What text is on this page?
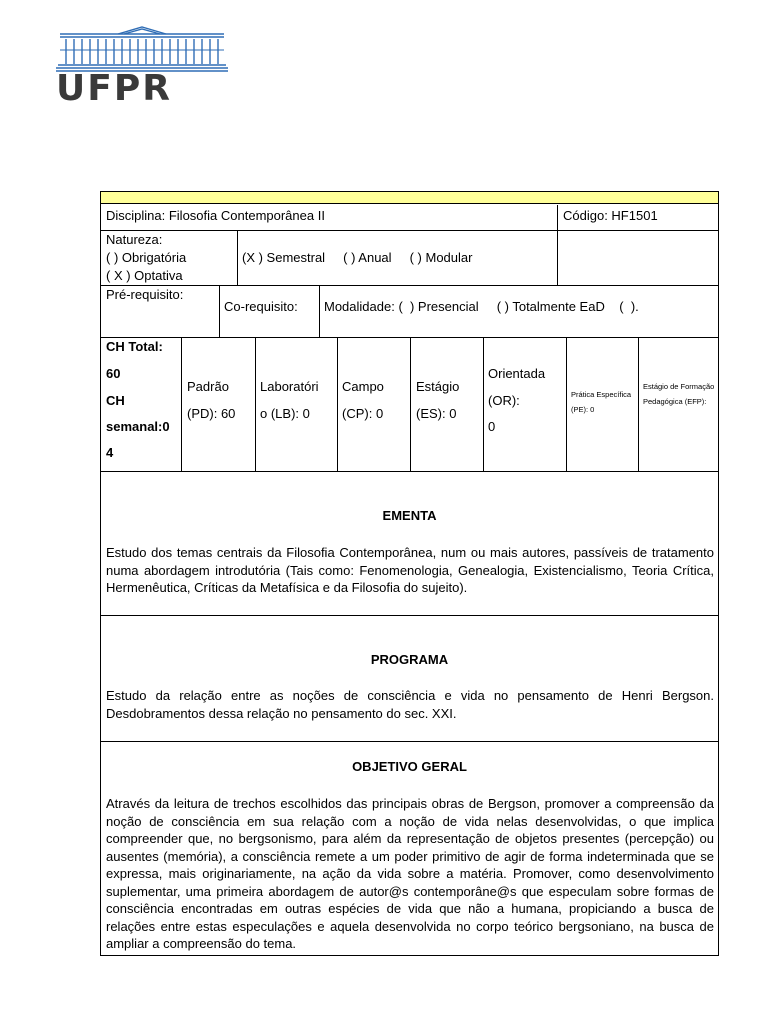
UFPR
Disciplina: Filosofia Contemporânea II	Código: HF1501
Natureza:
( ) Obrigatória
( X ) Optativa
(X ) Semestral     ( ) Anual     ( ) Modular
Pré-requisito:
Co-requisito: Modalidade: (  ) Presencial     ( ) Totalmente EaD    (  ).
CH Total:
60
CH
semanal:0
4
Padrão
(PD): 60
Laboratóri
o (LB): 0
Campo
(CP): 0
Estágio
(ES): 0
Orientada
(OR):
0
Prática Específica (PE): 0
Estágio de Formação Pedagógica (EFP):
EMENTA
Estudo dos temas centrais da Filosofia Contemporânea, num ou mais autores, passíveis de tratamento numa abordagem introdutória (Tais como: Fenomenologia, Genealogia, Existencialismo, Teoria Crítica, Hermenêutica, Críticas da Metafísica e da Filosofia do sujeito).
PROGRAMA
Estudo da relação entre as noções de consciência e vida no pensamento de Henri Bergson. Desdobramentos dessa relação no pensamento do sec. XXI.
OBJETIVO GERAL
Através da leitura de trechos escolhidos das principais obras de Bergson, promover a compreensão da noção de consciência em sua relação com a noção de vida nelas desenvolvidas, o que implica compreender que, no bergsonismo, para além da representação de objetos presentes (percepção) ou ausentes (memória), a consciência remete a um poder primitivo de agir de forma indeterminada que se expressa, mais originariamente, na ação da vida sobre a matéria. Promover, como desenvolvimento suplementar, uma primeira abordagem de autor@s contemporâne@s que especulam sobre formas de consciência encontradas em outras espécies de vida que não a humana, propiciando a busca de relações entre estas especulações e aquela desenvolvida no corpo teórico bergsoniano, na busca de ampliar a compreensão do tema.
